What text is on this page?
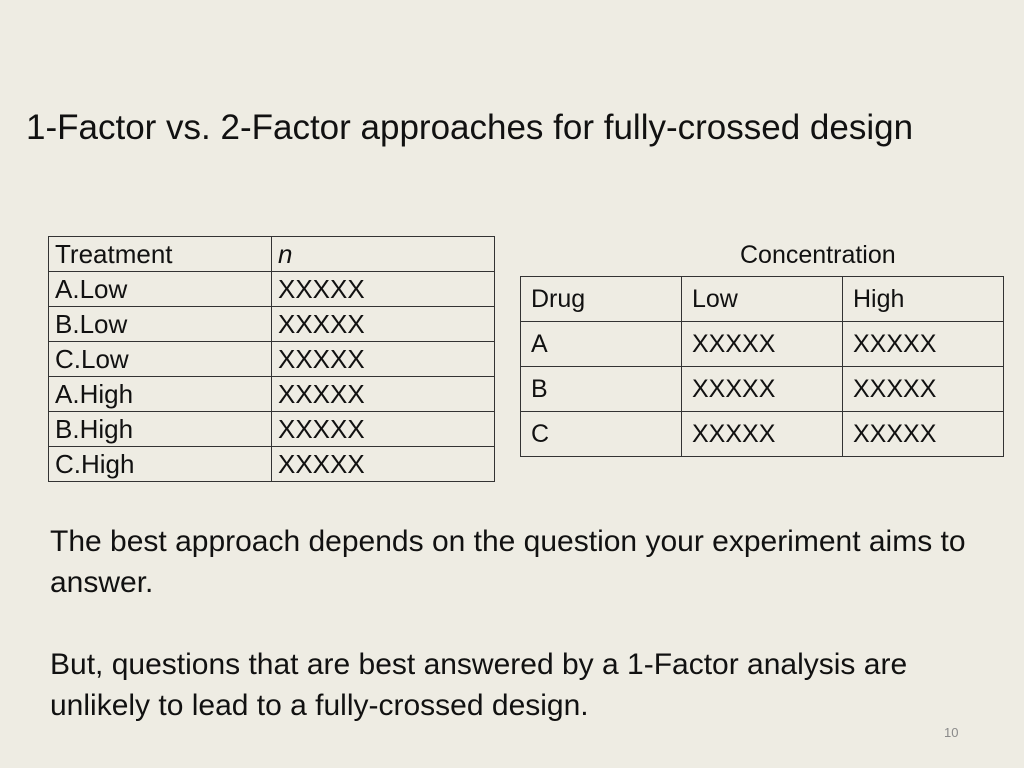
1-Factor vs. 2-Factor approaches for fully-crossed design
Treatment	n
A.Low	XXXXX
B.Low	XXXXX
C.Low	XXXXX
A.High	XXXXX
B.High	XXXXX
C.High	XXXXX
Concentration
Drug	Low	High
A	XXXXX	XXXXX
B	XXXXX	XXXXX
C	XXXXX	XXXXX

The best approach depends on the question your experiment aims to answer.

But, questions that are best answered by a 1-Factor analysis are unlikely to lead to a fully-crossed design.

10
